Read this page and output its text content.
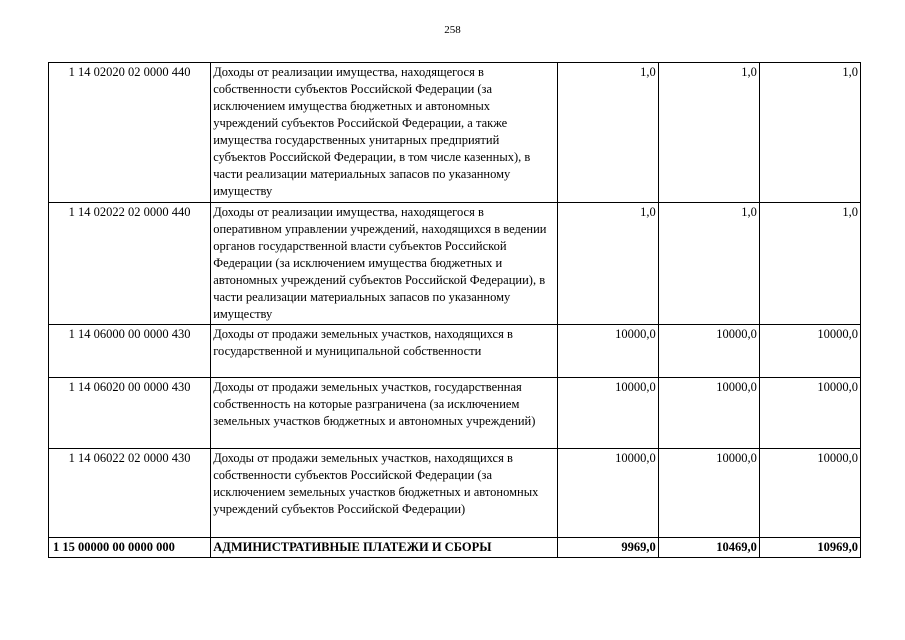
258
1 14 02020 02 0000 440	Доходы от реализации имущества, находящегося в собственности субъектов Российской Федерации (за исключением имущества бюджетных и автономных учреждений субъектов Российской Федерации, а также имущества государственных унитарных предприятий субъектов Российской Федерации, в том числе казенных), в части реализации материальных запасов по указанному имуществу	1,0	1,0	1,0
1 14 02022 02 0000 440	Доходы от реализации имущества, находящегося в оперативном управлении учреждений, находящихся в ведении органов государственной власти субъектов Российской Федерации (за исключением имущества бюджетных и автономных учреждений субъектов Российской Федерации), в части реализации материальных запасов по указанному имуществу	1,0	1,0	1,0
1 14 06000 00 0000 430	Доходы от продажи земельных участков, находящихся в государственной и муниципальной собственности	10000,0	10000,0	10000,0
1 14 06020 00 0000 430	Доходы от продажи земельных участков, государственная собственность на которые разграничена (за исключением земельных участков бюджетных и автономных учреждений)	10000,0	10000,0	10000,0
1 14 06022 02 0000 430	Доходы от продажи земельных участков, находящихся в собственности субъектов Российской Федерации (за исключением земельных участков бюджетных и автономных учреждений субъектов Российской Федерации)	10000,0	10000,0	10000,0
1 15 00000 00 0000 000	АДМИНИСТРАТИВНЫЕ ПЛАТЕЖИ И СБОРЫ	9969,0	10469,0	10969,0
